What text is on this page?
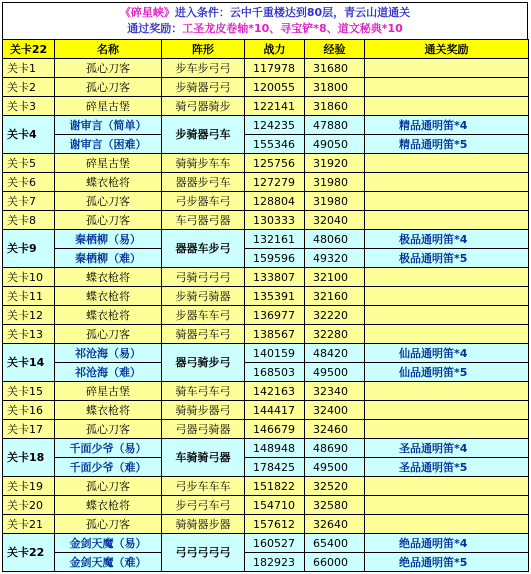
《碎星峡》进入条件：云中千重楼达到80层，青云山道通关
通过奖励：工圣龙皮卷轴*10、寻宝铲*8、道文秘典*10
关卡22	名称	阵形	战力	经验	通关奖励
关卡1	孤心刀客	步车步弓弓	117978	31680	
关卡2	孤心刀客	步骑器弓弓	120055	31800	
关卡3	碎星古堡	骑弓器骑步	122141	31860	
关卡4	谢审言（简单）	步骑器弓车	124235	47880	精品通明笛*4
	谢审言（困难）		155346	49050	精品通明笛*5
关卡5	碎星古堡	骑骑步车车	125756	31920	
关卡6	蝶衣枪将	器器步弓车	127279	31980	
关卡7	孤心刀客	弓步器车弓	128804	31980	
关卡8	孤心刀客	车弓器弓器	130333	32040	
关卡9	秦栖柳（易）	器器车步弓	132161	48060	极品通明笛*4
	秦栖柳（难）		159596	49320	极品通明笛*5
关卡10	蝶衣枪将	弓骑弓弓弓	133807	32100	
关卡11	蝶衣枪将	步骑弓骑器	135391	32160	
关卡12	蝶衣枪将	步器车车弓	136977	32220	
关卡13	孤心刀客	骑器弓车弓	138567	32280	
关卡14	祁沧海（易）	器弓骑步弓	140159	48420	仙品通明笛*4
	祁沧海（难）		168503	49500	仙品通明笛*5
关卡15	碎星古堡	骑车弓车弓	142163	32340	
关卡16	蝶衣枪将	骑骑步器弓	144417	32400	
关卡17	孤心刀客	弓器弓骑器	146679	32460	
关卡18	千面少爷（易）	车骑骑弓器	148948	48690	圣品通明笛*4
	千面少爷（难）		178425	49500	圣品通明笛*5
关卡19	孤心刀客	弓步车车车	151822	32520	
关卡20	蝶衣枪将	步弓弓车弓	154710	32580	
关卡21	孤心刀客	骑骑器步器	157612	32640	
关卡22	金剑天魔（易）	弓弓弓弓弓	160527	65400	绝品通明笛*4
	金剑天魔（难）		182923	66000	绝品通明笛*5
